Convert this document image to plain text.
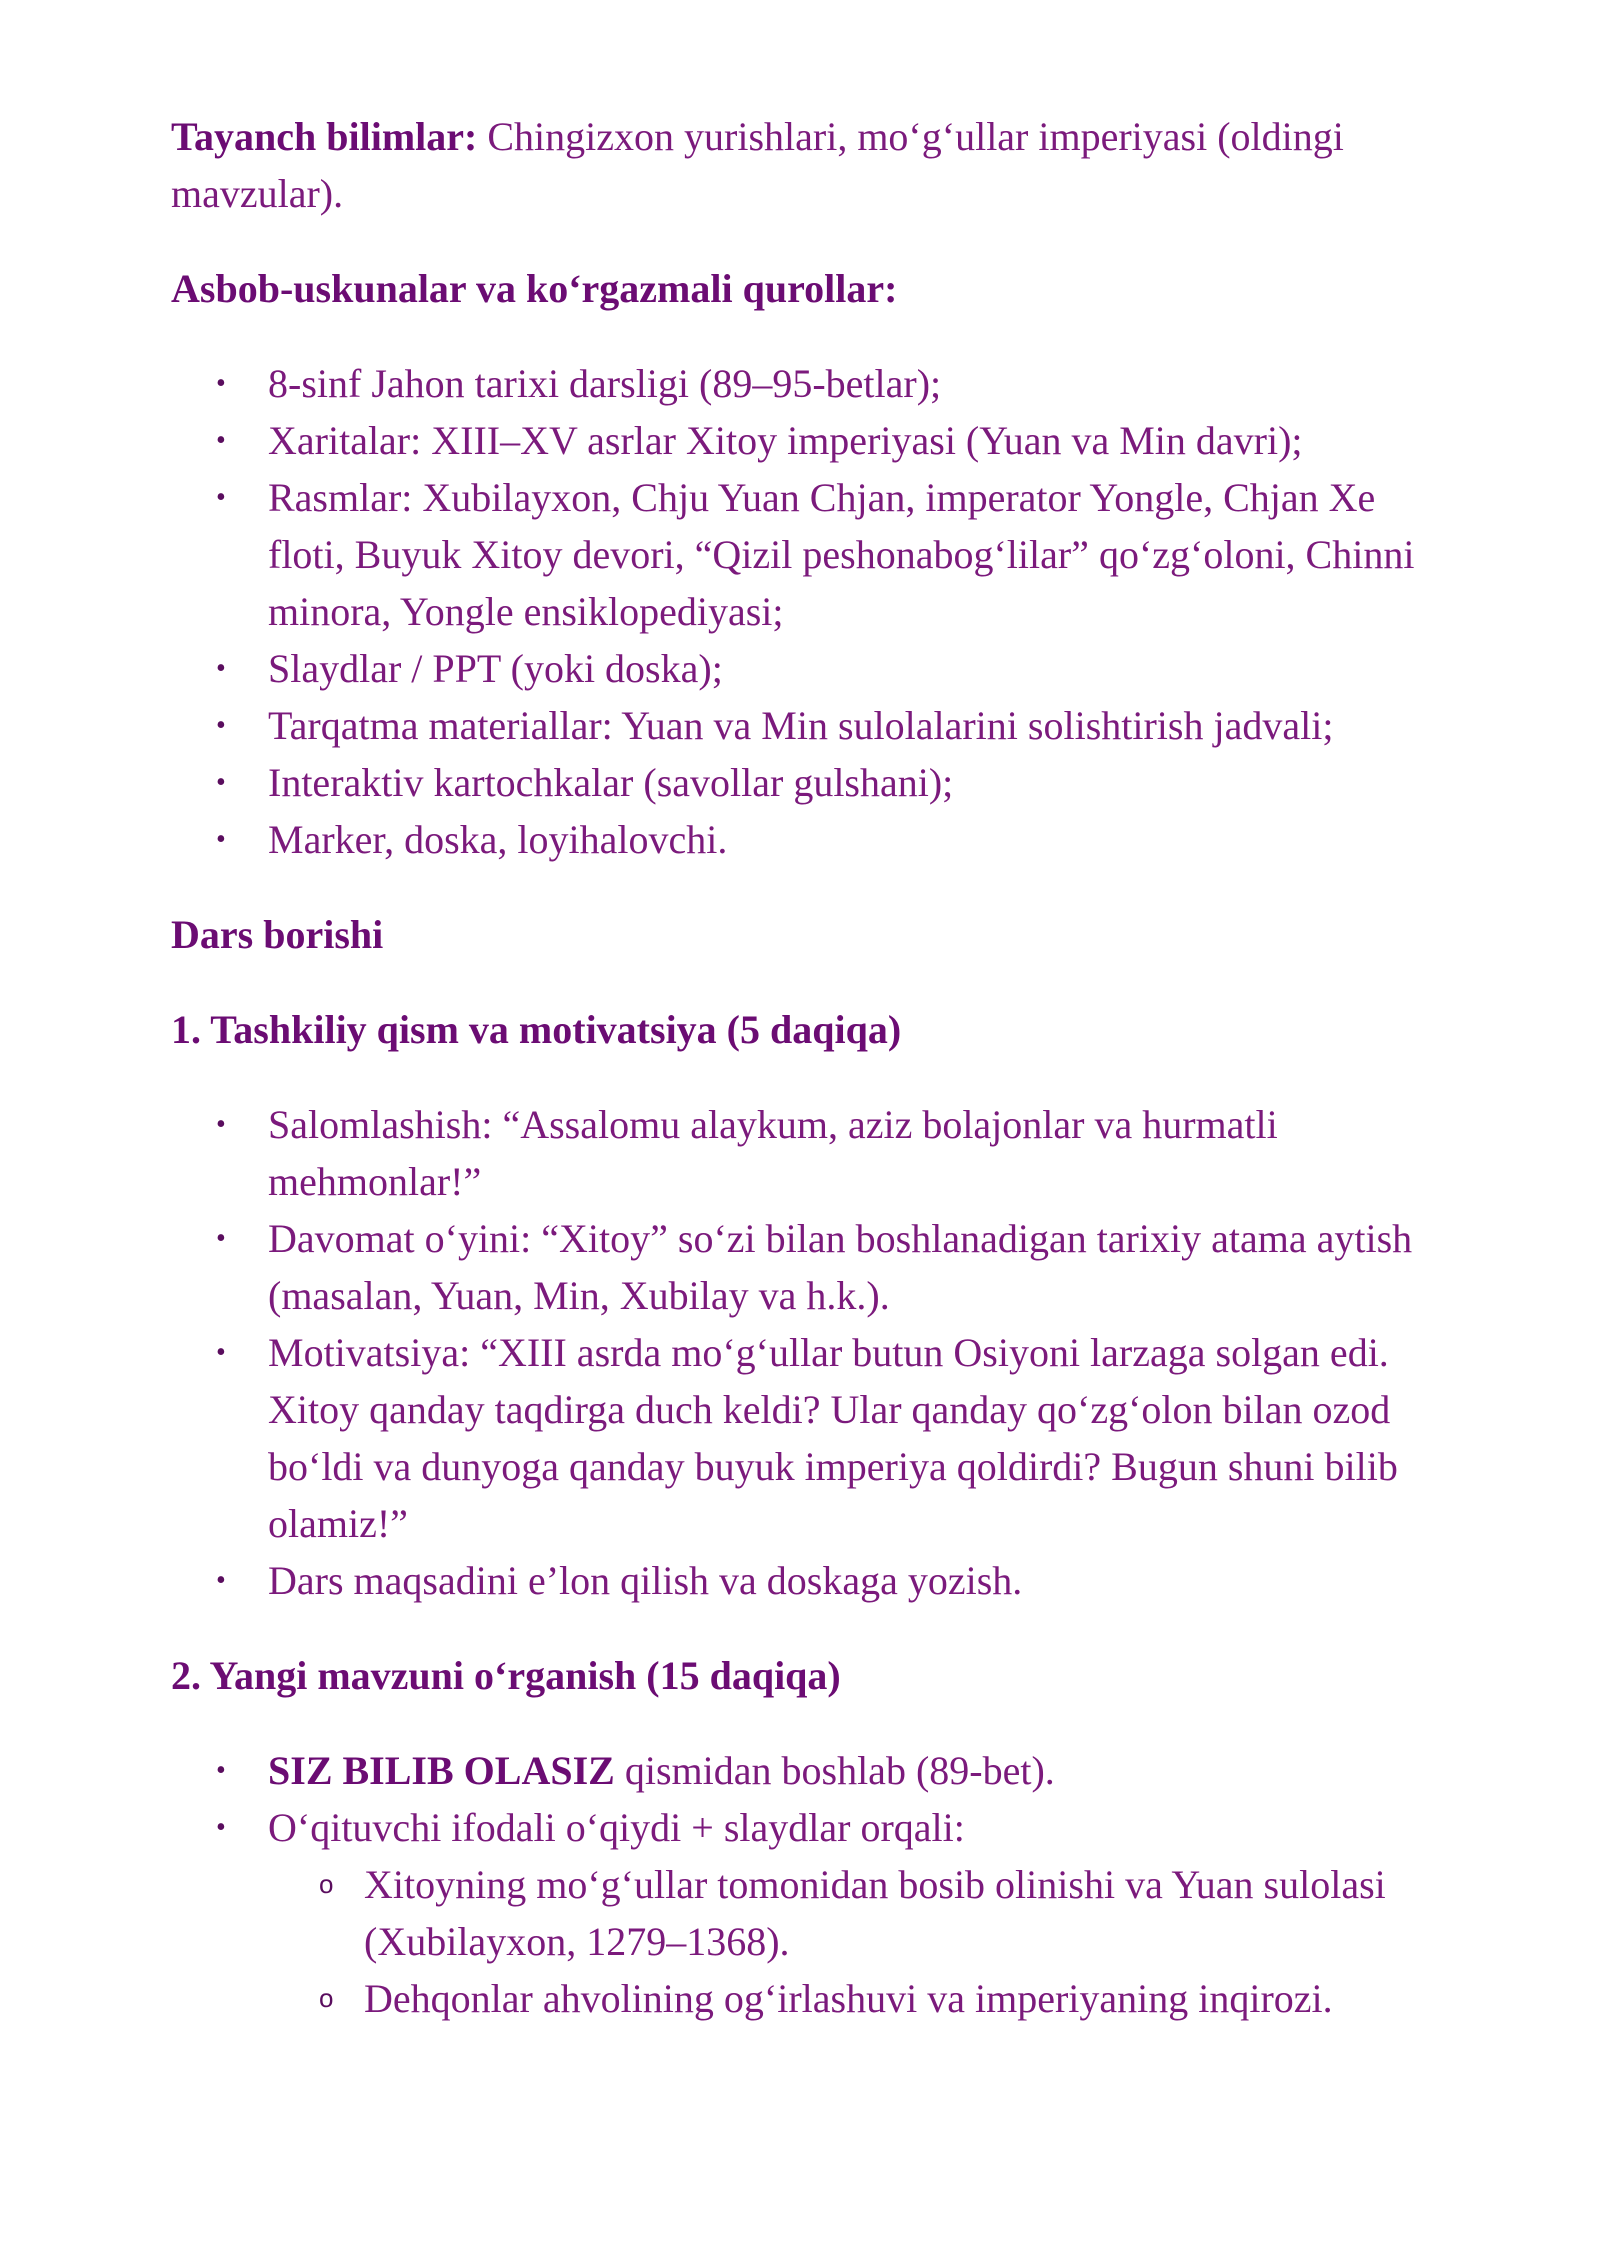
Tayanch bilimlar: Chingizxon yurishlari, mo‘g‘ullar imperiyasi (oldingi mavzular).

Asbob-uskunalar va ko‘rgazmali qurollar:

• 8-sinf Jahon tarixi darsligi (89–95-betlar);
• Xaritalar: XIII–XV asrlar Xitoy imperiyasi (Yuan va Min davri);
• Rasmlar: Xubilayxon, Chju Yuan Chjan, imperator Yongle, Chjan Xe floti, Buyuk Xitoy devori, “Qizil peshonabog‘lilar” qo‘zg‘oloni, Chinni minora, Yongle ensiklopediyasi;
• Slaydlar / PPT (yoki doska);
• Tarqatma materiallar: Yuan va Min sulolalarini solishtirish jadvali;
• Interaktiv kartochkalar (savollar gulshani);
• Marker, doska, loyihalovchi.

Dars borishi

1. Tashkiliy qism va motivatsiya (5 daqiqa)

• Salomlashish: “Assalomu alaykum, aziz bolajonlar va hurmatli mehmonlar!”
• Davomat o‘yini: “Xitoy” so‘zi bilan boshlanadigan tarixiy atama aytish (masalan, Yuan, Min, Xubilay va h.k.).
• Motivatsiya: “XIII asrda mo‘g‘ullar butun Osiyoni larzaga solgan edi. Xitoy qanday taqdirga duch keldi? Ular qanday qo‘zg‘olon bilan ozod bo‘ldi va dunyoga qanday buyuk imperiya qoldirdi? Bugun shuni bilib olamiz!”
• Dars maqsadini e’lon qilish va doskaga yozish.

2. Yangi mavzuni o‘rganish (15 daqiqa)

• SIZ BILIB OLASIZ qismidan boshlab (89-bet).
• O‘qituvchi ifodali o‘qiydi + slaydlar orqali:
o Xitoyning mo‘g‘ullar tomonidan bosib olinishi va Yuan sulolasi (Xubilayxon, 1279–1368).
o Dehqonlar ahvolining og‘irlashuvi va imperiyaning inqirozi.
